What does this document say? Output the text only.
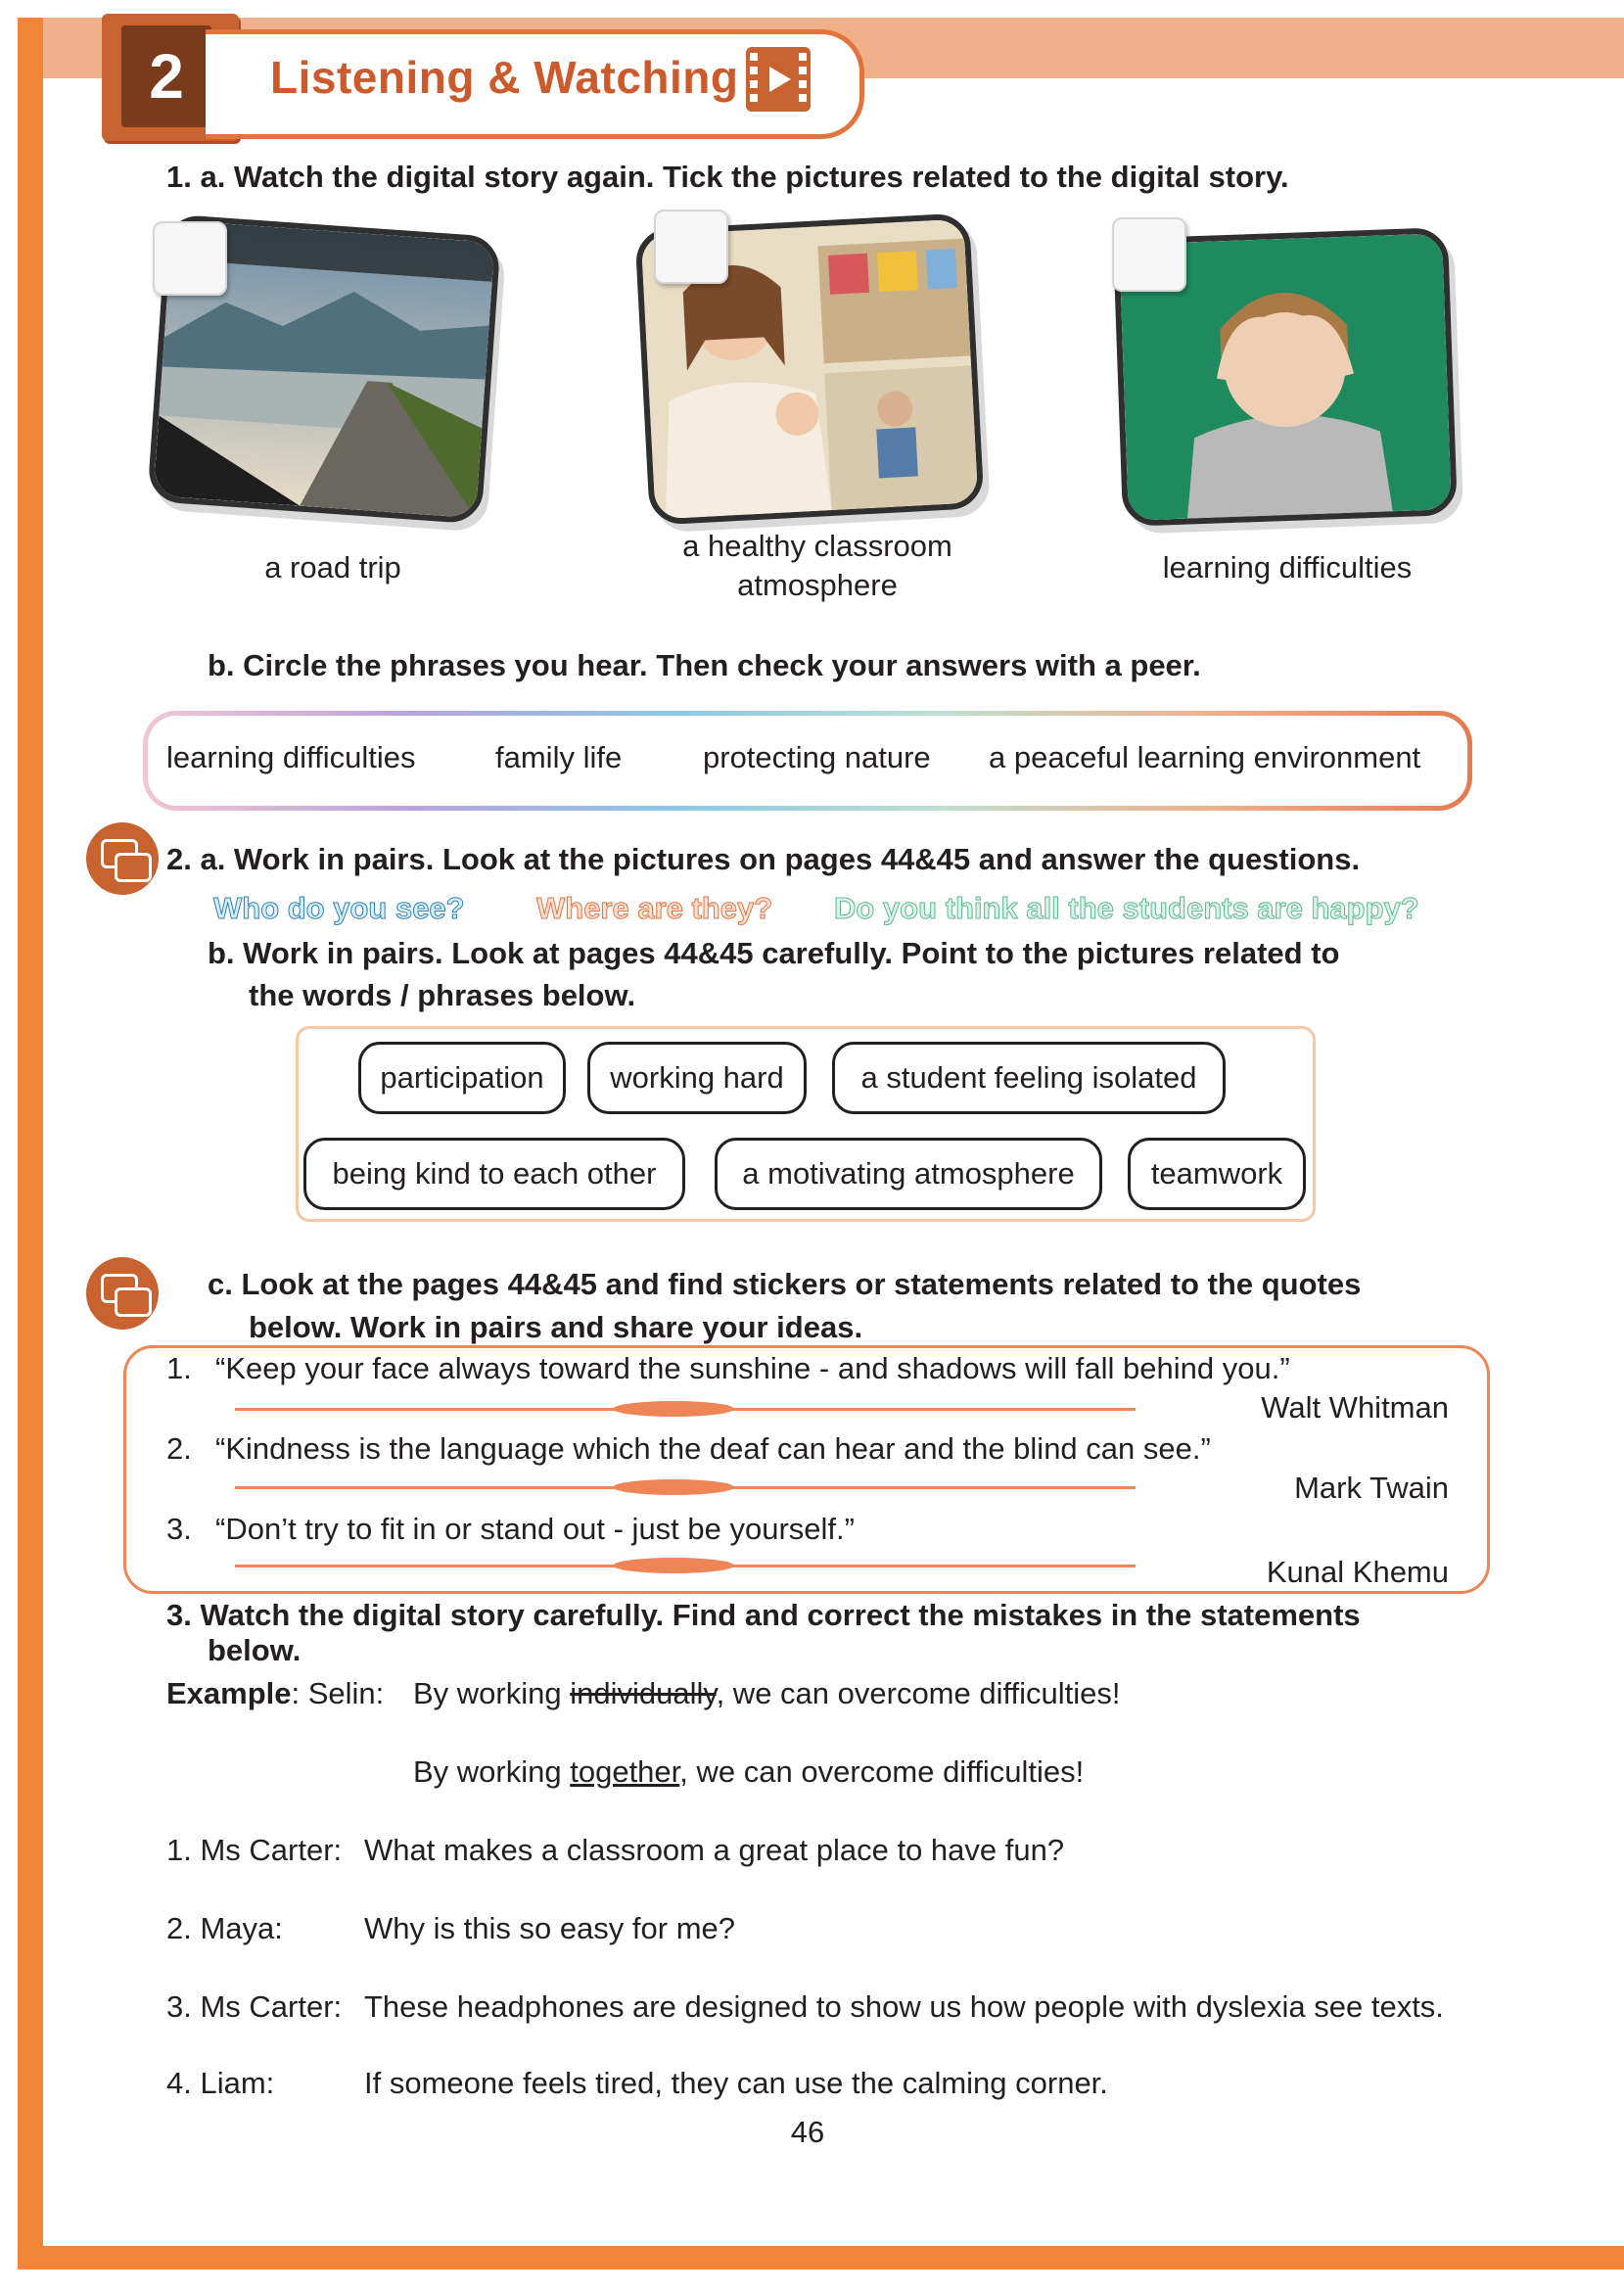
2	Listening & Watching
1. a. Watch the digital story again. Tick the pictures related to the digital story.
a road trip
a healthy classroom
atmosphere
learning difficulties
b. Circle the phrases you hear. Then check your answers with a peer.
learning difficulties	family life	protecting nature a peaceful learning environment
2. a. Work in pairs. Look at the pictures on pages 44&45 and answer the questions.
Who do you see? Where are they? Do you think all the students are happy?
b. Work in pairs. Look at pages 44&45 carefully. Point to the pictures related to
the words / phrases below.
participation	working hard	a student feeling isolated
being kind to each other	a motivating atmosphere	teamwork
c. Look at the pages 44&45 and find stickers or statements related to the quotes
below. Work in pairs and share your ideas.
1. “Keep your face always toward the sunshine - and shadows will fall behind you.”
Walt Whitman
2. “Kindness is the language which the deaf can hear and the blind can see.”
Mark Twain
3. “Don’t try to fit in or stand out - just be yourself.”
Kunal Khemu
3. Watch the digital story carefully. Find and correct the mistakes in the statements
below.
Example: Selin: By working individually, we can overcome difficulties!
By working together, we can overcome difficulties!
1. Ms Carter: What makes a classroom a great place to have fun?
2. Maya:	Why is this so easy for me?
3. Ms Carter: These headphones are designed to show us how people with dyslexia see texts.
4. Liam:	If someone feels tired, they can use the calming corner.
46
